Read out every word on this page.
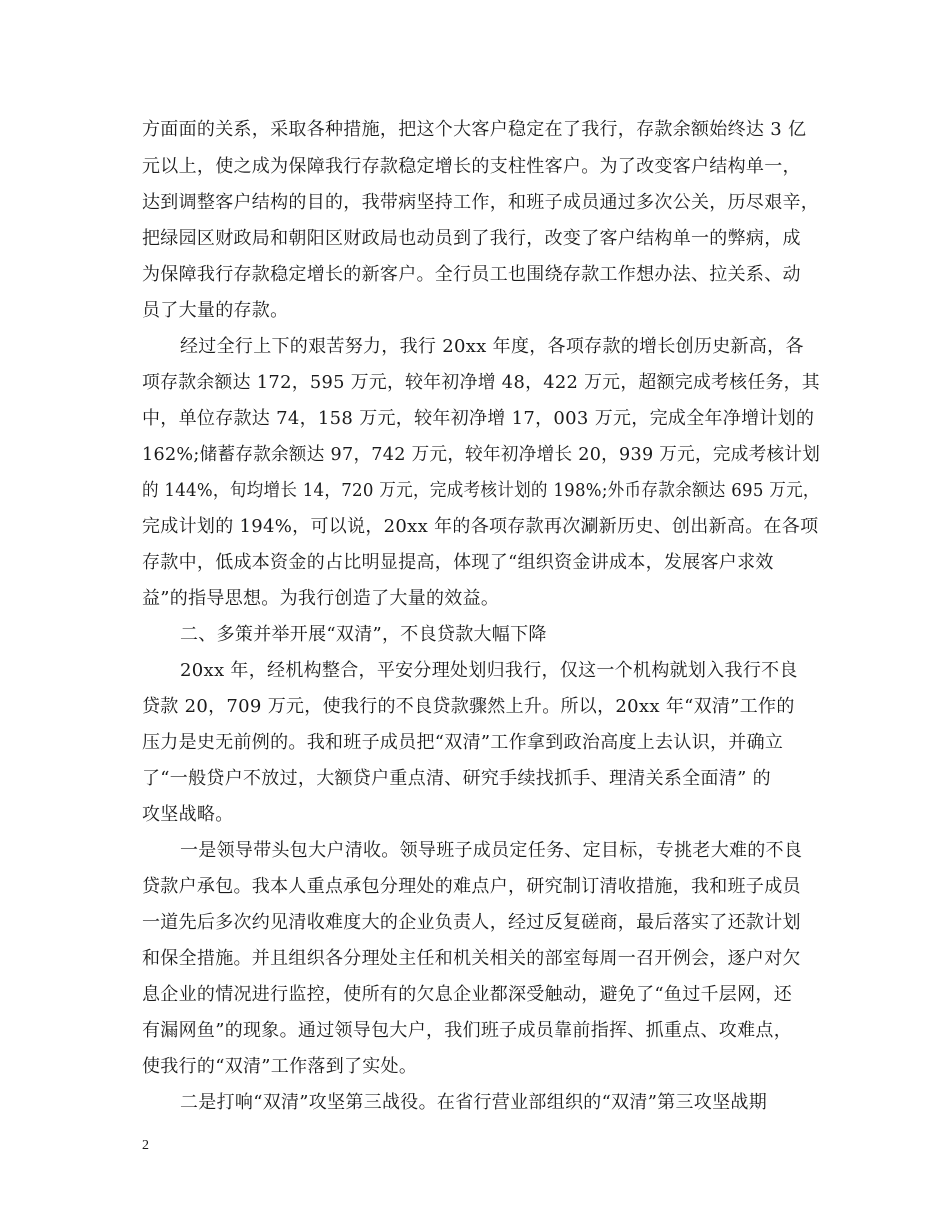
方面面的关系，采取各种措施，把这个大客户稳定在了我行，存款余额始终达 3 亿
元以上，使之成为保障我行存款稳定增长的支柱性客户。为了改变客户结构单一，
达到调整客户结构的目的，我带病坚持工作，和班子成员通过多次公关，历尽艰辛，
把绿园区财政局和朝阳区财政局也动员到了我行，改变了客户结构单一的弊病，成
为保障我行存款稳定增长的新客户。全行员工也围绕存款工作想办法、拉关系、动
员了大量的存款。
经过全行上下的艰苦努力，我行 20xx 年度，各项存款的增长创历史新高，各
项存款余额达 172，595 万元，较年初净增 48，422 万元，超额完成考核任务，其
中，单位存款达 74，158 万元，较年初净增 17，003 万元，完成全年净增计划的
162%;储蓄存款余额达 97，742 万元，较年初净增长 20，939 万元，完成考核计划
的 144%，旬均增长 14，720 万元，完成考核计划的 198%;外币存款余额达 695 万元，
完成计划的 194%，可以说，20xx 年的各项存款再次涮新历史、创出新高。在各项
存款中，低成本资金的占比明显提高，体现了“组织资金讲成本，发展客户求效
益”的指导思想。为我行创造了大量的效益。
二、多策并举开展“双清”，不良贷款大幅下降
20xx 年，经机构整合，平安分理处划归我行，仅这一个机构就划入我行不良
贷款 20，709 万元，使我行的不良贷款骤然上升。所以，20xx 年“双清”工作的
压力是史无前例的。我和班子成员把“双清”工作拿到政治高度上去认识，并确立
了“一般贷户不放过，大额贷户重点清、研究手续找抓手、理清关系全面清” 的
攻坚战略。
一是领导带头包大户清收。领导班子成员定任务、定目标，专挑老大难的不良
贷款户承包。我本人重点承包分理处的难点户，研究制订清收措施，我和班子成员
一道先后多次约见清收难度大的企业负责人，经过反复磋商，最后落实了还款计划
和保全措施。并且组织各分理处主任和机关相关的部室每周一召开例会，逐户对欠
息企业的情况进行监控，使所有的欠息企业都深受触动，避免了“鱼过千层网，还
有漏网鱼”的现象。通过领导包大户，我们班子成员靠前指挥、抓重点、攻难点，
使我行的“双清”工作落到了实处。
二是打响“双清”攻坚第三战役。在省行营业部组织的“双清”第三攻坚战期
2
